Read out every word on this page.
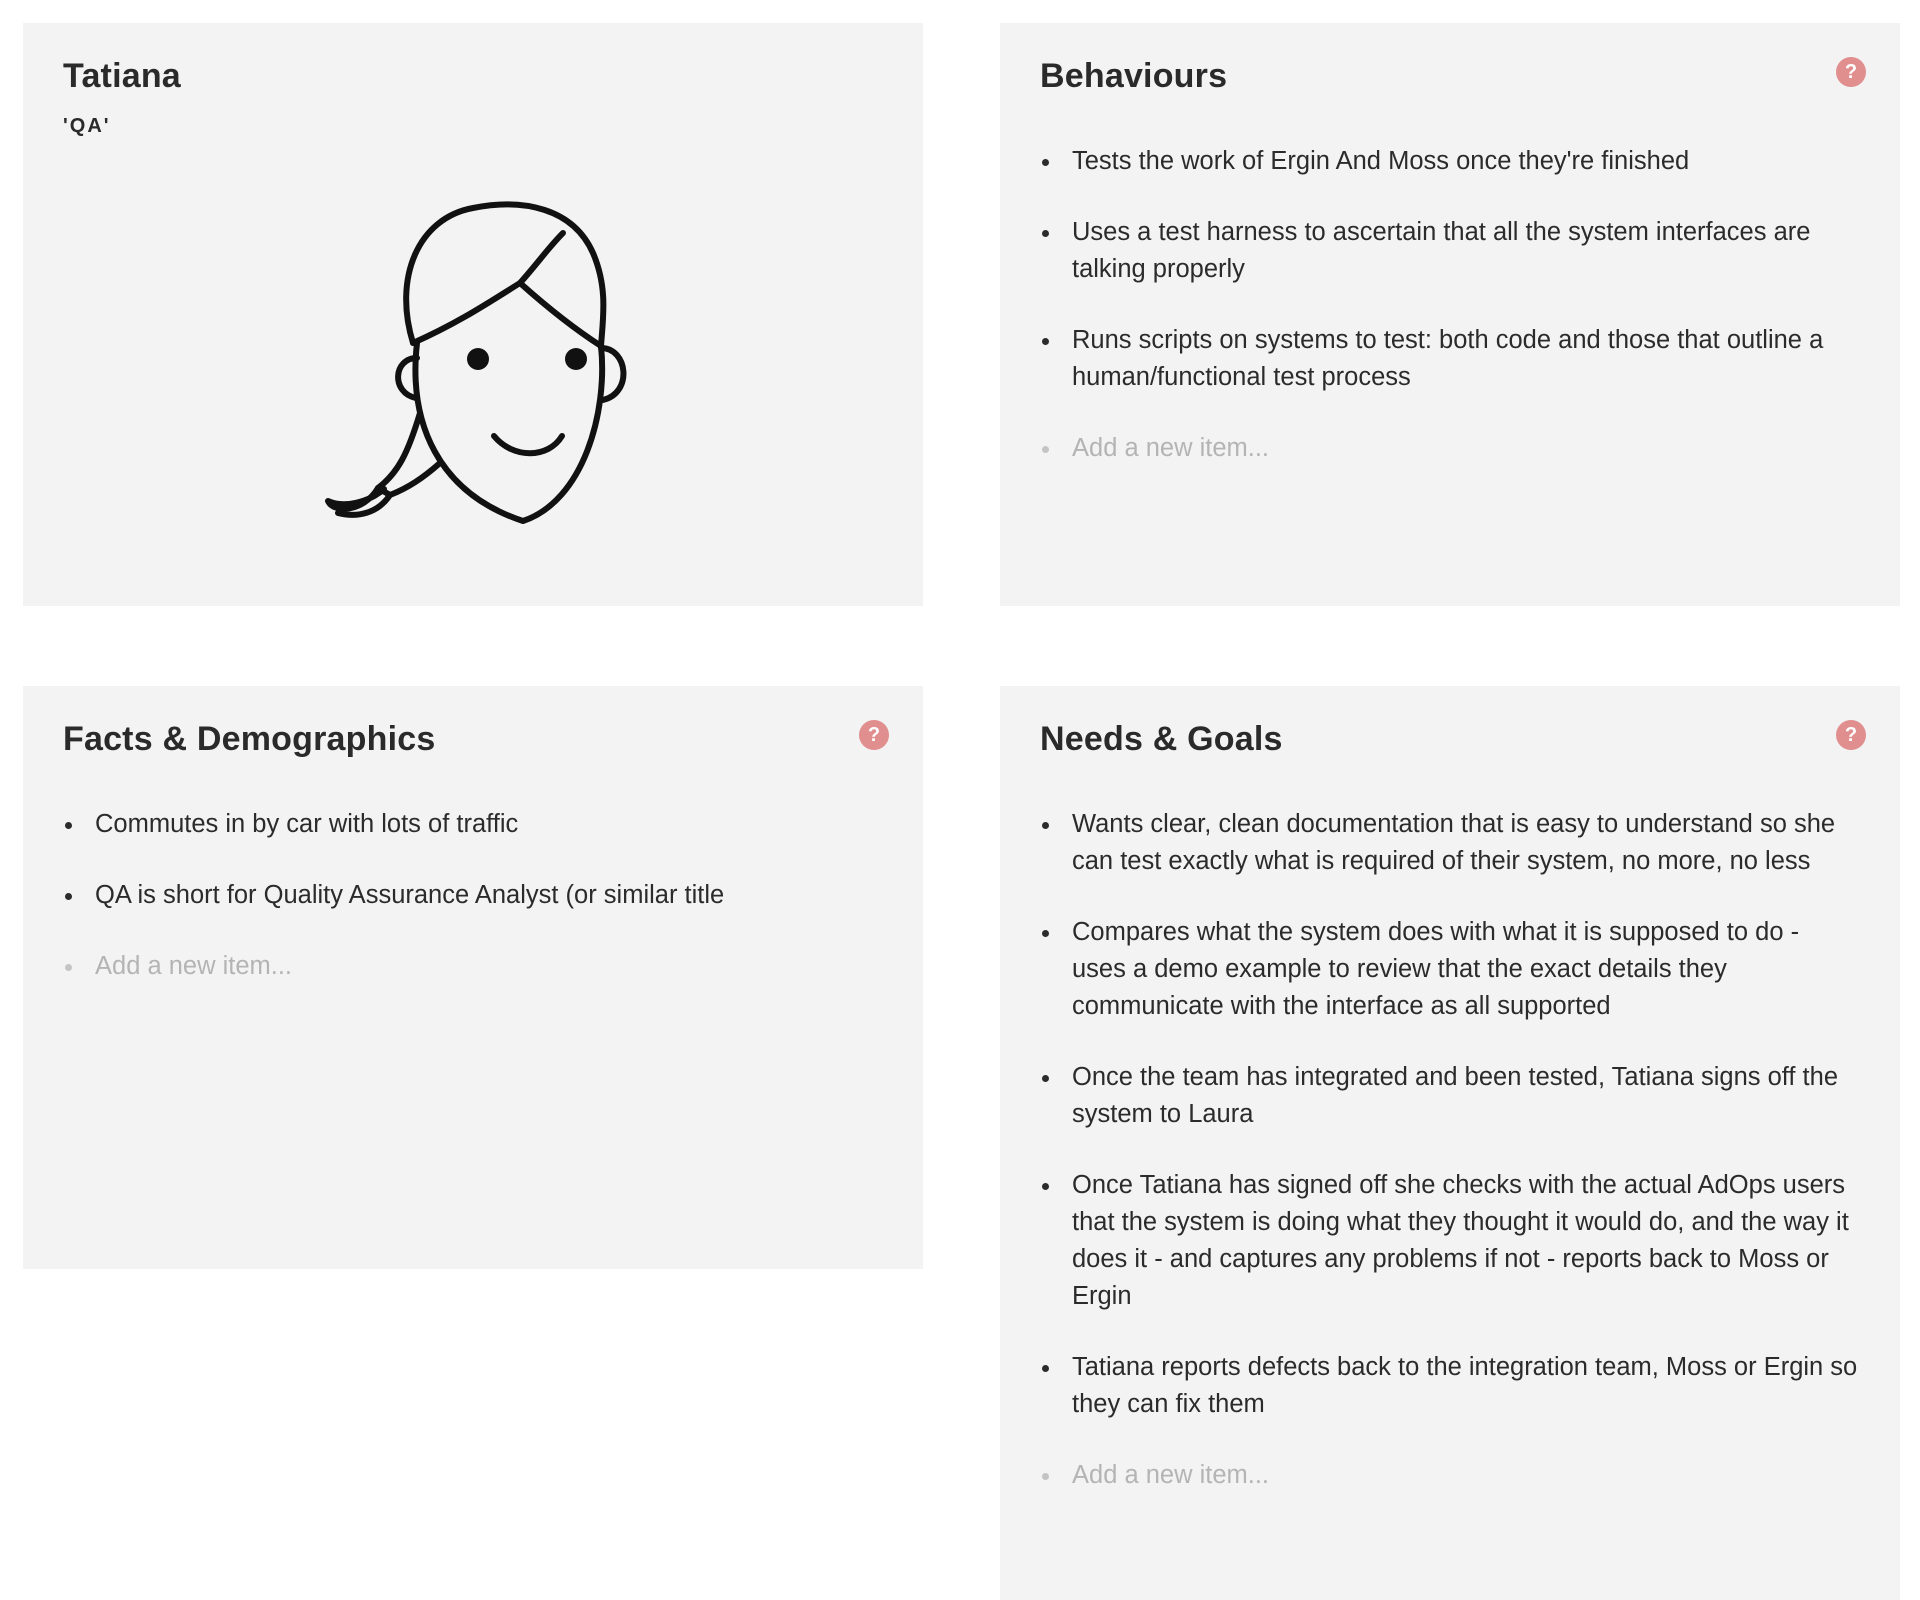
Tatiana
'QA'
Behaviours	?
Tests the work of Ergin And Moss once they're finished
Uses a test harness to ascertain that all the system interfaces are talking properly
Runs scripts on systems to test: both code and those that outline a human/functional test process
Add a new item...
Facts & Demographics	?
Commutes in by car with lots of traffic
QA is short for Quality Assurance Analyst (or similar title
Add a new item...
Needs & Goals	?
Wants clear, clean documentation that is easy to understand so she can test exactly what is required of their system, no more, no less
Compares what the system does with what it is supposed to do - uses a demo example to review that the exact details they communicate with the interface as all supported
Once the team has integrated and been tested, Tatiana signs off the system to Laura
Once Tatiana has signed off she checks with the actual AdOps users that the system is doing what they thought it would do, and the way it does it - and captures any problems if not - reports back to Moss or Ergin
Tatiana reports defects back to the integration team, Moss or Ergin so they can fix them
Add a new item...
